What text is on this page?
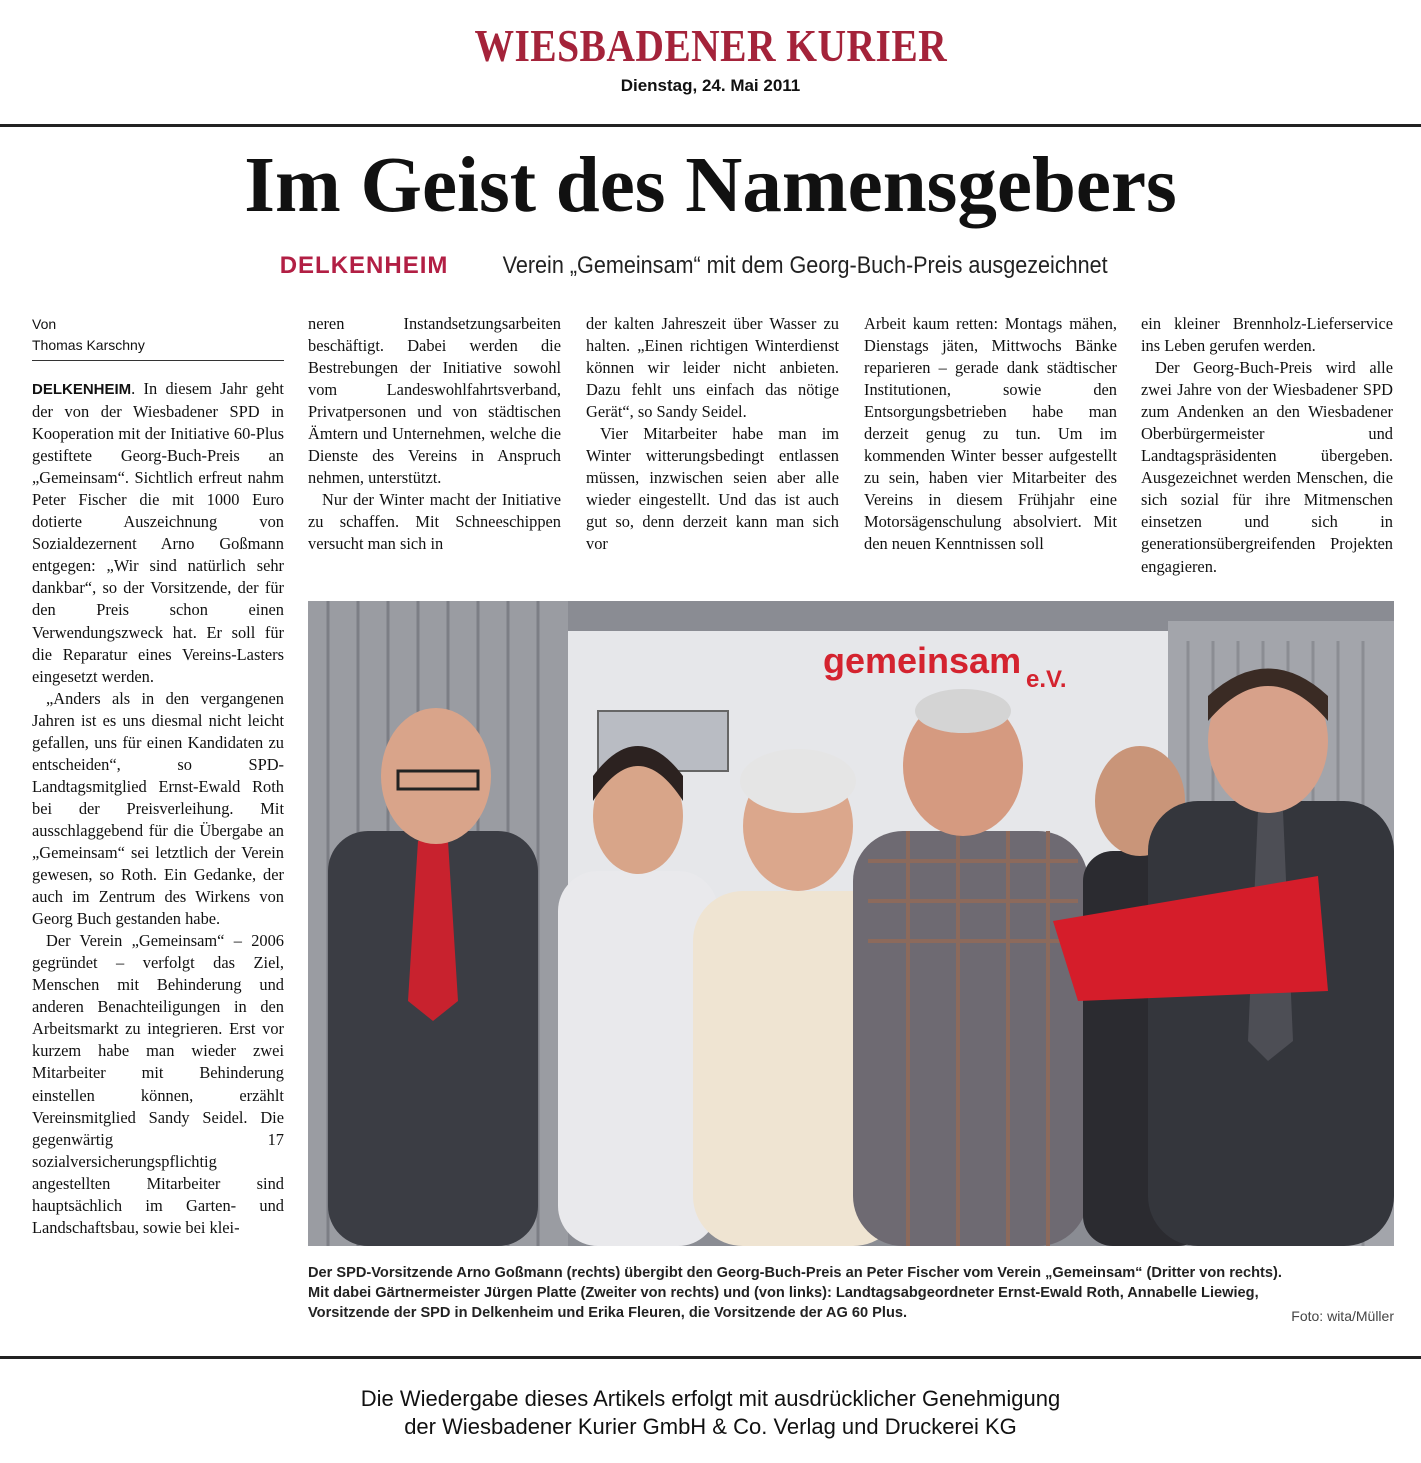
WIESBADENER KURIER
Dienstag, 24. Mai 2011
Im Geist des Namensgebers
DELKENHEIM Verein „Gemeinsam“ mit dem Georg-Buch-Preis ausgezeichnet
Von
Thomas Karschny

DELKENHEIM. In diesem Jahr geht der von der Wiesbadener SPD in Kooperation mit der Initiative 60-Plus gestiftete Georg-Buch-Preis an „Gemeinsam“. Sichtlich erfreut nahm Peter Fischer die mit 1000 Euro dotierte Auszeichnung von Sozialdezernent Arno Goßmann entgegen: „Wir sind natürlich sehr dankbar“, so der Vorsitzende, der für den Preis schon einen Verwendungszweck hat. Er soll für die Reparatur eines Vereins-Lasters eingesetzt werden.

„Anders als in den vergangenen Jahren ist es uns diesmal nicht leicht gefallen, uns für einen Kandidaten zu entscheiden“, so SPD-Landtagsmitglied Ernst-Ewald Roth bei der Preisverleihung. Mit ausschlaggebend für die Übergabe an „Gemeinsam“ sei letztlich der Verein gewesen, so Roth. Ein Gedanke, der auch im Zentrum des Wirkens von Georg Buch gestanden habe.

Der Verein „Gemeinsam“ – 2006 gegründet – verfolgt das Ziel, Menschen mit Behinderung und anderen Benachteiligungen in den Arbeitsmarkt zu integrieren. Erst vor kurzem habe man wieder zwei Mitarbeiter mit Behinderung einstellen können, erzählt Vereinsmitglied Sandy Seidel. Die gegenwärtig 17 sozialversicherungspflichtig angestellten Mitarbeiter sind hauptsächlich im Garten- und Landschaftsbau, sowie bei klei-

neren Instandsetzungsarbeiten beschäftigt. Dabei werden die Bestrebungen der Initiative sowohl vom Landeswohlfahrtsverband, Privatpersonen und von städtischen Ämtern und Unternehmen, welche die Dienste des Vereins in Anspruch nehmen, unterstützt.

Nur der Winter macht der Initiative zu schaffen. Mit Schneeschippen versucht man sich in

der kalten Jahreszeit über Wasser zu halten. „Einen richtigen Winterdienst können wir leider nicht anbieten. Dazu fehlt uns einfach das nötige Gerät“, so Sandy Seidel.

Vier Mitarbeiter habe man im Winter witterungsbedingt entlassen müssen, inzwischen seien aber alle wieder eingestellt. Und das ist auch gut so, denn derzeit kann man sich vor

Arbeit kaum retten: Montags mähen, Dienstags jäten, Mittwochs Bänke reparieren – gerade dank städtischer Institutionen, sowie den Entsorgungsbetrieben habe man derzeit genug zu tun. Um im kommenden Winter besser aufgestellt zu sein, haben vier Mitarbeiter des Vereins in diesem Frühjahr eine Motorsägenschulung absolviert. Mit den neuen Kenntnissen soll

ein kleiner Brennholz-Lieferservice ins Leben gerufen werden.

Der Georg-Buch-Preis wird alle zwei Jahre von der Wiesbadener SPD zum Andenken an den Wiesbadener Oberbürgermeister und Landtagspräsidenten übergeben. Ausgezeichnet werden Menschen, die sich sozial für ihre Mitmenschen einsetzen und sich in generationsübergreifenden Projekten engagieren.

gemeinsam e.V.
Der SPD-Vorsitzende Arno Goßmann (rechts) übergibt den Georg-Buch-Preis an Peter Fischer vom Verein „Gemeinsam“ (Dritter von rechts).
Mit dabei Gärtnermeister Jürgen Platte (Zweiter von rechts) und (von links): Landtagsabgeordneter Ernst-Ewald Roth, Annabelle Liewieg,
Vorsitzende der SPD in Delkenheim und Erika Fleuren, die Vorsitzende der AG 60 Plus.	Foto: wita/Müller
Die Wiedergabe dieses Artikels erfolgt mit ausdrücklicher Genehmigung
der Wiesbadener Kurier GmbH & Co. Verlag und Druckerei KG
